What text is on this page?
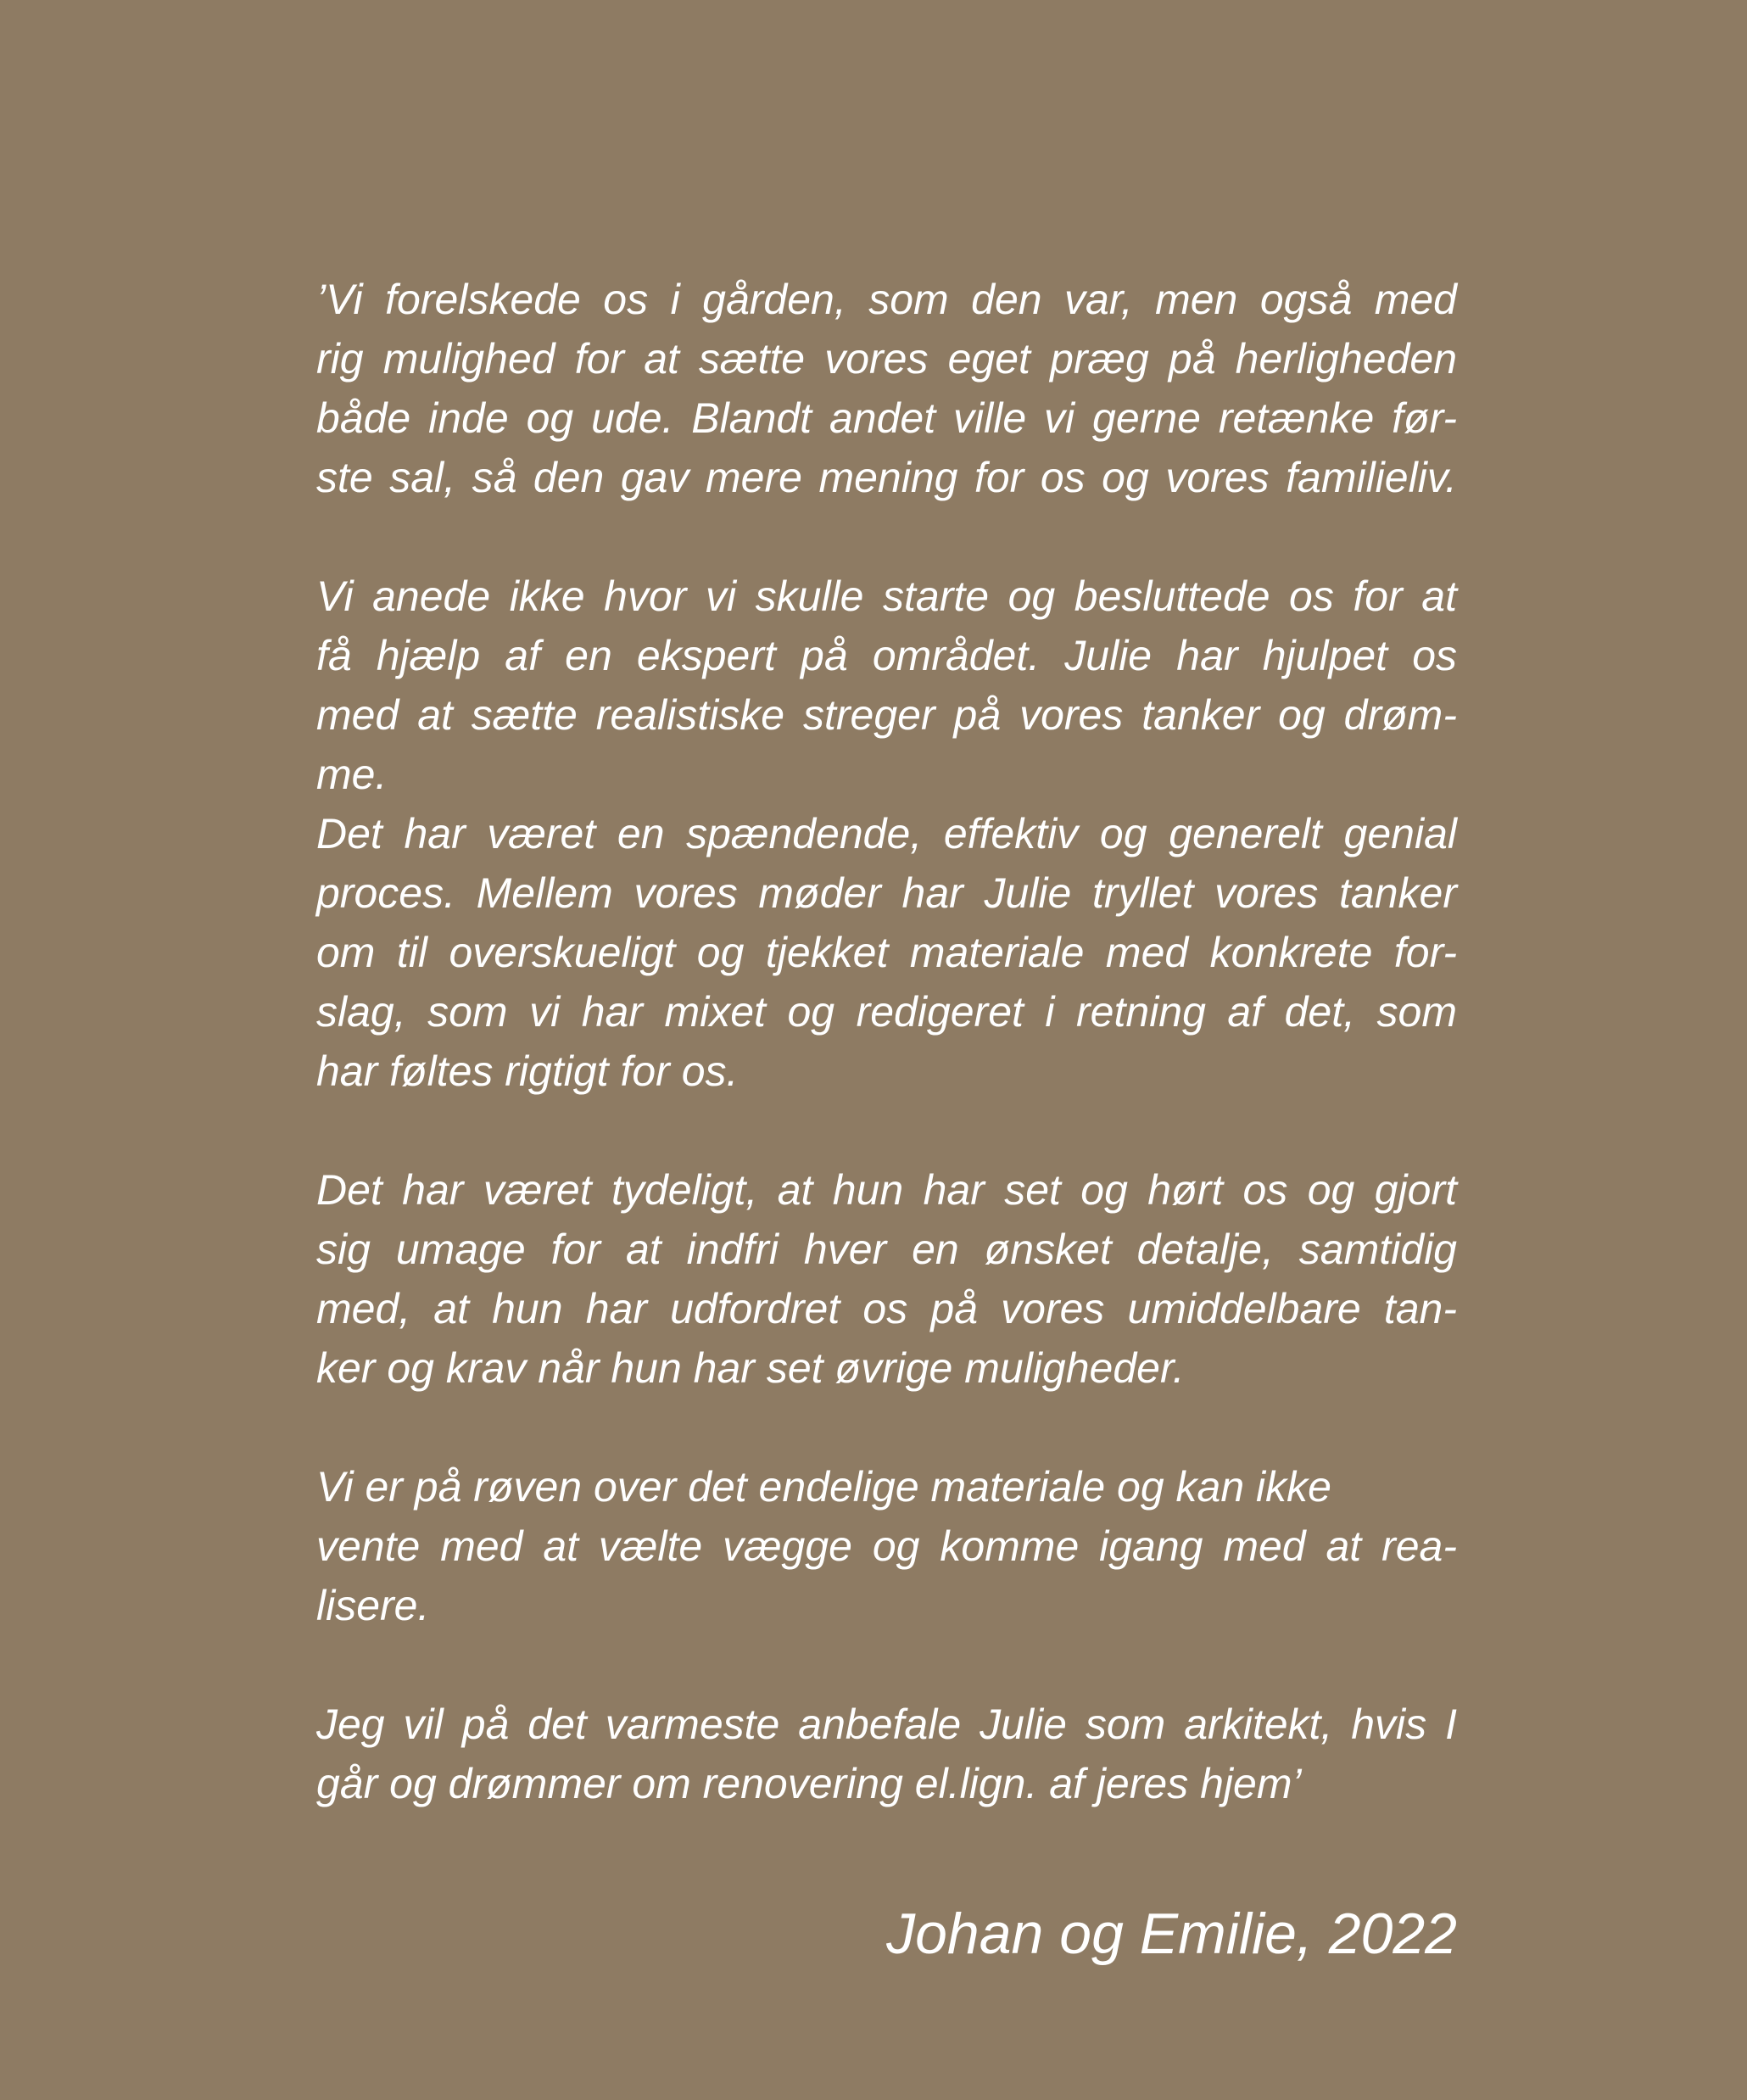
’Vi forelskede os i gården, som den var, men også med
rig mulighed for at sætte vores eget præg på herligheden
både inde og ude. Blandt andet ville vi gerne retænke før-
ste sal, så den gav mere mening for os og vores familieliv.
Vi anede ikke hvor vi skulle starte og besluttede os for at
få hjælp af en ekspert på området. Julie har hjulpet os
med at sætte realistiske streger på vores tanker og drøm-
me.
Det har været en spændende, effektiv og generelt genial
proces. Mellem vores møder har Julie tryllet vores tanker
om til overskueligt og tjekket materiale med konkrete for-
slag, som vi har mixet og redigeret i retning af det, som
har føltes rigtigt for os.
Det har været tydeligt, at hun har set og hørt os og gjort
sig umage for at indfri hver en ønsket detalje, samtidig
med, at hun har udfordret os på vores umiddelbare tan-
ker og krav når hun har set øvrige muligheder.
Vi er på røven over det endelige materiale og kan ikke
vente med at vælte vægge og komme igang med at rea-
lisere.
Jeg vil på det varmeste anbefale Julie som arkitekt, hvis I
går og drømmer om renovering el.lign. af jeres hjem’
Johan og Emilie, 2022
